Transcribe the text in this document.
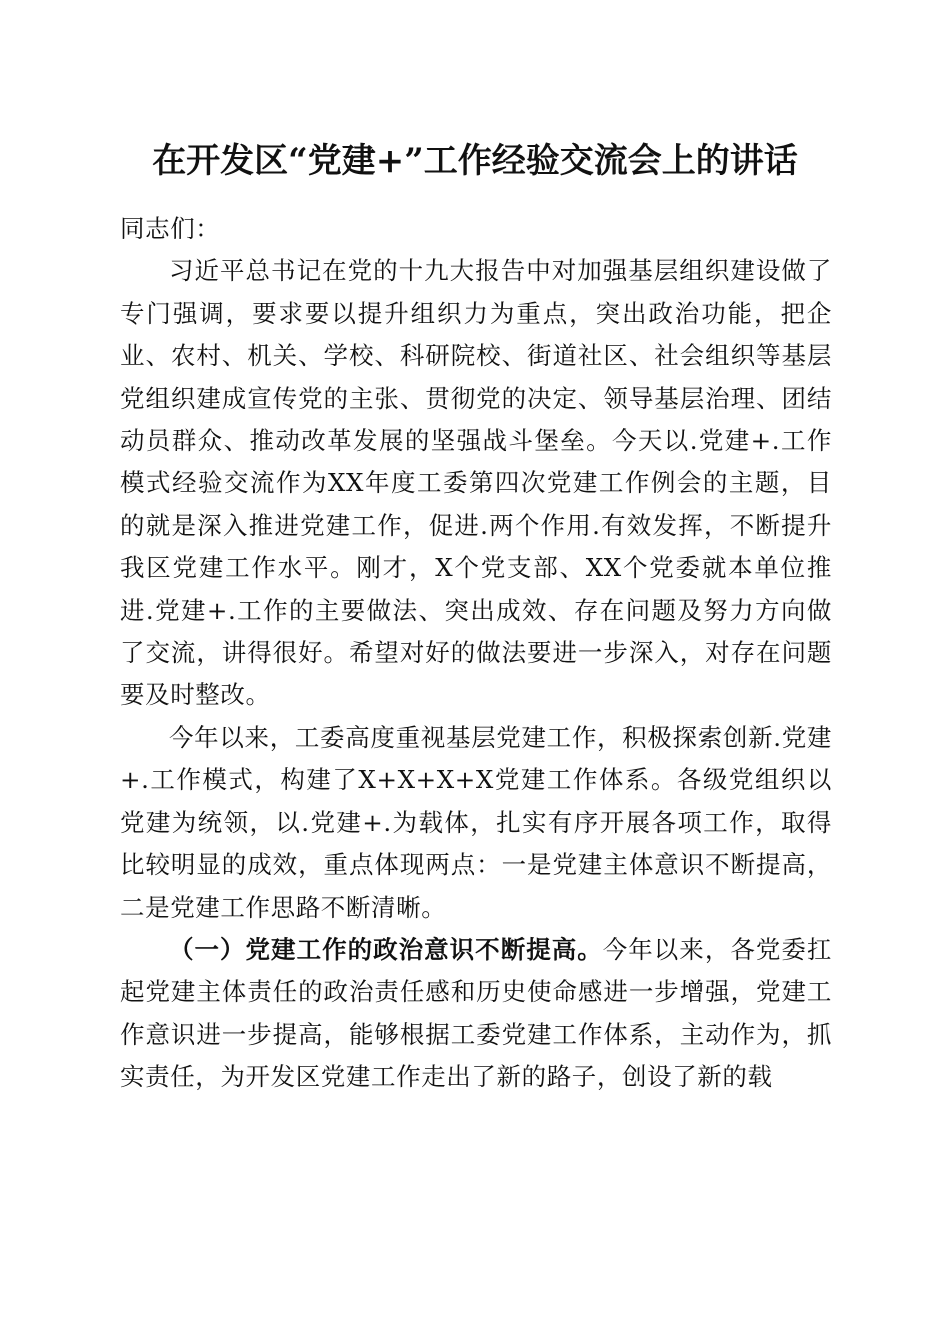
在开发区“党建+”工作经验交流会上的讲话

同志们：

习近平总书记在党的十九大报告中对加强基层组织建设做了专门强调，要求要以提升组织力为重点，突出政治功能，把企业、农村、机关、学校、科研院校、街道社区、社会组织等基层党组织建成宣传党的主张、贯彻党的决定、领导基层治理、团结动员群众、推动改革发展的坚强战斗堡垒。今天以.党建+.工作模式经验交流作为XX年度工委第四次党建工作例会的主题，目的就是深入推进党建工作，促进.两个作用.有效发挥，不断提升我区党建工作水平。刚才，X个党支部、XX个党委就本单位推进.党建+.工作的主要做法、突出成效、存在问题及努力方向做了交流，讲得很好。希望对好的做法要进一步深入，对存在问题要及时整改。

今年以来，工委高度重视基层党建工作，积极探索创新.党建+.工作模式，构建了X+X+X+X党建工作体系。各级党组织以党建为统领，以.党建+.为载体，扎实有序开展各项工作，取得比较明显的成效，重点体现两点：一是党建主体意识不断提高，二是党建工作思路不断清晰。

（一）党建工作的政治意识不断提高。今年以来，各党委扛起党建主体责任的政治责任感和历史使命感进一步增强，党建工作意识进一步提高，能够根据工委党建工作体系，主动作为，抓实责任，为开发区党建工作走出了新的路子，创设了新的载
